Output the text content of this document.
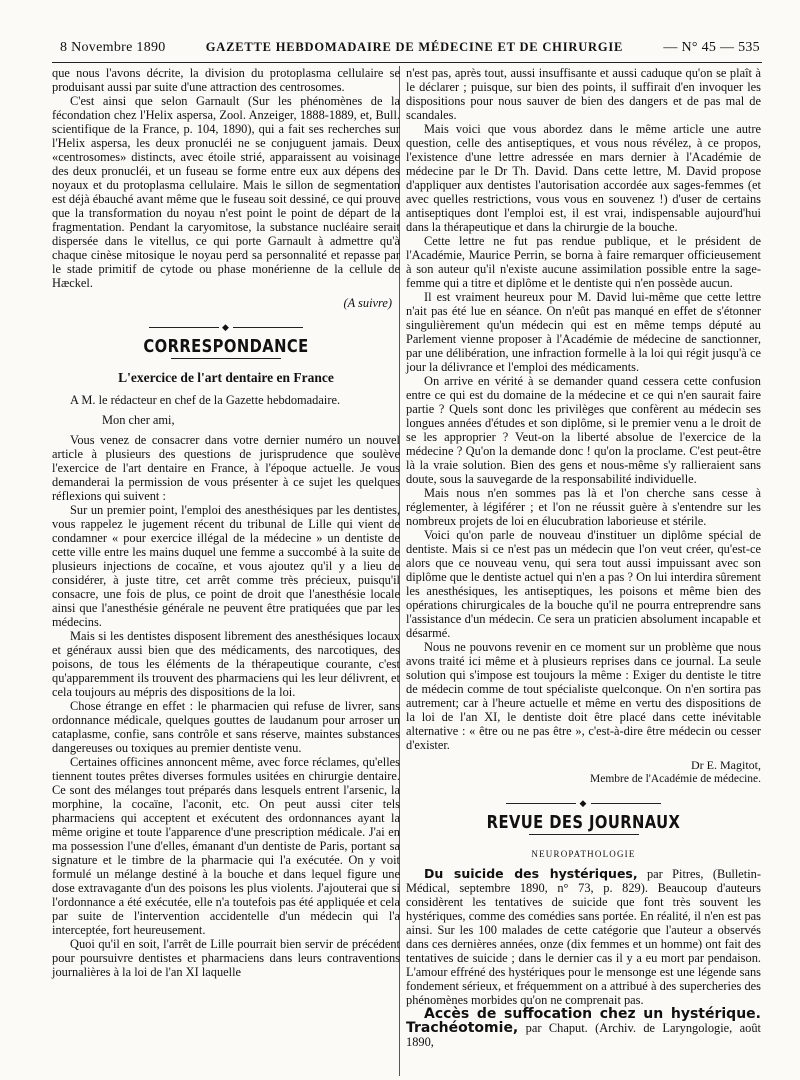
8 Novembre 1890	GAZETTE HEBDOMADAIRE DE MÉDECINE ET DE CHIRURGIE	— N° 45 — 535

que nous l'avons décrite, la division du protoplasma cellulaire se produisant aussi par suite d'une attraction des centrosomes.

C'est ainsi que selon Garnault (Sur les phénomènes de la fécondation chez l'Helix aspersa, Zool. Anzeiger, 1888-1889, et, Bull. scientifique de la France, p. 104, 1890), qui a fait ses recherches sur l'Helix aspersa, les deux pronucléi ne se conjuguent jamais. Deux «centrosomes» distincts, avec étoile strié, apparaissent au voisinage des deux pronucléi, et un fuseau se forme entre eux aux dépens des noyaux et du protoplasma cellulaire. Mais le sillon de segmentation est déjà ébauché avant même que le fuseau soit dessiné, ce qui prouve que la transformation du noyau n'est point le point de départ de la fragmentation. Pendant la caryomitose, la substance nucléaire serait dispersée dans le vitellus, ce qui porte Garnault à admettre qu'à chaque cinèse mitosique le noyau perd sa personnalité et repasse par le stade primitif de cytode ou phase monérienne de la cellule de Hæckel.

(A suivre)
◆
CORRESPONDANCE
L'exercice de l'art dentaire en France
A M. le rédacteur en chef de la Gazette hebdomadaire.
Mon cher ami,

Vous venez de consacrer dans votre dernier numéro un nouvel article à plusieurs des questions de jurisprudence que soulève l'exercice de l'art dentaire en France, à l'époque actuelle. Je vous demanderai la permission de vous présenter à ce sujet les quelques réflexions qui suivent :

Sur un premier point, l'emploi des anesthésiques par les dentistes, vous rappelez le jugement récent du tribunal de Lille qui vient de condamner « pour exercice illégal de la médecine » un dentiste de cette ville entre les mains duquel une femme a succombé à la suite de plusieurs injections de cocaïne, et vous ajoutez qu'il y a lieu de considérer, à juste titre, cet arrêt comme très précieux, puisqu'il consacre, une fois de plus, ce point de droit que l'anesthésie locale ainsi que l'anesthésie générale ne peuvent être pratiquées que par les médecins.

Mais si les dentistes disposent librement des anesthésiques locaux et généraux aussi bien que des médicaments, des narcotiques, des poisons, de tous les éléments de la thérapeutique courante, c'est qu'apparemment ils trouvent des pharmaciens qui les leur délivrent, et cela toujours au mépris des dispositions de la loi.

Chose étrange en effet : le pharmacien qui refuse de livrer, sans ordonnance médicale, quelques gouttes de laudanum pour arroser un cataplasme, confie, sans contrôle et sans réserve, maintes substances dangereuses ou toxiques au premier dentiste venu.

Certaines officines annoncent même, avec force réclames, qu'elles tiennent toutes prêtes diverses formules usitées en chirurgie dentaire. Ce sont des mélanges tout préparés dans lesquels entrent l'arsenic, la morphine, la cocaïne, l'aconit, etc. On peut aussi citer tels pharmaciens qui acceptent et exécutent des ordonnances ayant la même origine et toute l'apparence d'une prescription médicale. J'ai en ma possession l'une d'elles, émanant d'un dentiste de Paris, portant sa signature et le timbre de la pharmacie qui l'a exécutée. On y voit formulé un mélange destiné à la bouche et dans lequel figure une dose extravagante d'un des poisons les plus violents. J'ajouterai que si l'ordonnance a été exécutée, elle n'a toutefois pas été appliquée et cela par suite de l'intervention accidentelle d'un médecin qui l'a interceptée, fort heureusement.

Quoi qu'il en soit, l'arrêt de Lille pourrait bien servir de précédent pour poursuivre dentistes et pharmaciens dans leurs contraventions journalières à la loi de l'an XI laquelle

n'est pas, après tout, aussi insuffisante et aussi caduque qu'on se plaît à le déclarer ; puisque, sur bien des points, il suffirait d'en invoquer les dispositions pour nous sauver de bien des dangers et de pas mal de scandales.

Mais voici que vous abordez dans le même article une autre question, celle des antiseptiques, et vous nous révélez, à ce propos, l'existence d'une lettre adressée en mars dernier à l'Académie de médecine par le Dr Th. David. Dans cette lettre, M. David propose d'appliquer aux dentistes l'autorisation accordée aux sages-femmes (et avec quelles restrictions, vous vous en souvenez !) d'user de certains antiseptiques dont l'emploi est, il est vrai, indispensable aujourd'hui dans la thérapeutique et dans la chirurgie de la bouche.

Cette lettre ne fut pas rendue publique, et le président de l'Académie, Maurice Perrin, se borna à faire remarquer officieusement à son auteur qu'il n'existe aucune assimilation possible entre la sage-femme qui a titre et diplôme et le dentiste qui n'en possède aucun.

Il est vraiment heureux pour M. David lui-même que cette lettre n'ait pas été lue en séance. On n'eût pas manqué en effet de s'étonner singulièrement qu'un médecin qui est en même temps député au Parlement vienne proposer à l'Académie de médecine de sanctionner, par une délibération, une infraction formelle à la loi qui régit jusqu'à ce jour la délivrance et l'emploi des médicaments.

On arrive en vérité à se demander quand cessera cette confusion entre ce qui est du domaine de la médecine et ce qui n'en saurait faire partie ? Quels sont donc les privilèges que confèrent au médecin ses longues années d'études et son diplôme, si le premier venu a le droit de se les approprier ? Veut-on la liberté absolue de l'exercice de la médecine ? Qu'on la demande donc ! qu'on la proclame. C'est peut-être là la vraie solution. Bien des gens et nous-même s'y rallieraient sans doute, sous la sauvegarde de la responsabilité individuelle.

Mais nous n'en sommes pas là et l'on cherche sans cesse à réglementer, à légiférer ; et l'on ne réussit guère à s'entendre sur les nombreux projets de loi en élucubration laborieuse et stérile.

Voici qu'on parle de nouveau d'instituer un diplôme spécial de dentiste. Mais si ce n'est pas un médecin que l'on veut créer, qu'est-ce alors que ce nouveau venu, qui sera tout aussi impuissant avec son diplôme que le dentiste actuel qui n'en a pas ? On lui interdira sûrement les anesthésiques, les antiseptiques, les poisons et même bien des opérations chirurgicales de la bouche qu'il ne pourra entreprendre sans l'assistance d'un médecin. Ce sera un praticien absolument incapable et désarmé.

Nous ne pouvons revenir en ce moment sur un problème que nous avons traité ici même et à plusieurs reprises dans ce journal. La seule solution qui s'impose est toujours la même : Exiger du dentiste le titre de médecin comme de tout spécialiste quelconque. On n'en sortira pas autrement; car à l'heure actuelle et même en vertu des dispositions de la loi de l'an XI, le dentiste doit être placé dans cette inévitable alternative : « être ou ne pas être », c'est-à-dire être médecin ou cesser d'exister.

Dr E. Magitot,
Membre de l'Académie de médecine.
◆
REVUE DES JOURNAUX
NEUROPATHOLOGIE

Du suicide des hystériques, par Pitres, (Bulletin-Médical, septembre 1890, n° 73, p. 829). Beaucoup d'auteurs considèrent les tentatives de suicide que font très souvent les hystériques, comme des comédies sans portée. En réalité, il n'en est pas ainsi. Sur les 100 malades de cette catégorie que l'auteur a observés dans ces dernières années, onze (dix femmes et un homme) ont fait des tentatives de suicide ; dans le dernier cas il y a eu mort par pendaison. L'amour effréné des hystériques pour le mensonge est une légende sans fondement sérieux, et fréquemment on a attribué à des supercheries des phénomènes morbides qu'on ne comprenait pas.

Accès de suffocation chez un hystérique. Trachéotomie, par Chaput. (Archiv. de Laryngologie, août 1890,
